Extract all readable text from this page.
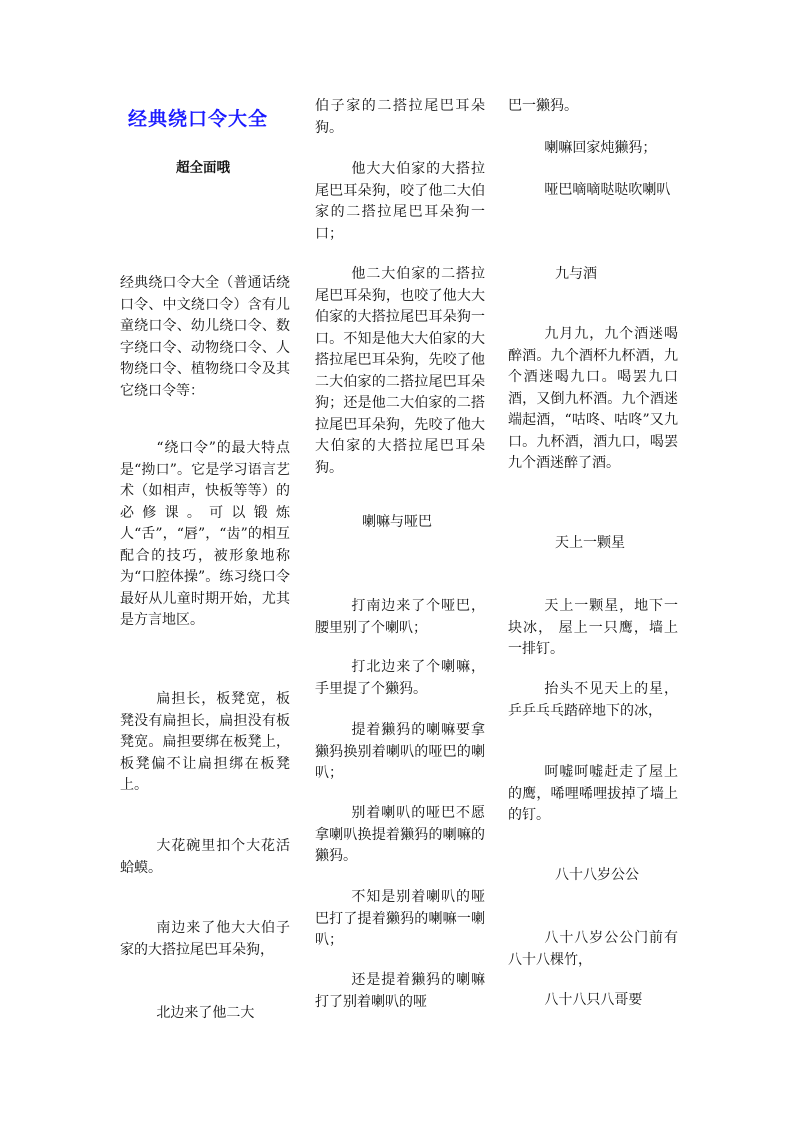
经典绕口令大全
超全面哦

经典绕口令大全（普通话绕口令、中文绕口令）含有儿童绕口令、幼儿绕口令、数字绕口令、动物绕口令、人物绕口令、植物绕口令及其它绕口令等：

“绕口令”的最大特点是“拗口”。它是学习语言艺术（如相声，快板等等）的必修课。可以锻炼人“舌”，“唇”，“齿”的相互配合的技巧，被形象地称为“口腔体操”。练习绕口令最好从儿童时期开始，尤其是方言地区。

扁担长，板凳宽，板凳没有扁担长，扁担没有板凳宽。扁担要绑在板凳上，板凳偏不让扁担绑在板凳上。

大花碗里扣个大花活蛤蟆。

南边来了他大大伯子家的大搭拉尾巴耳朵狗，

北边来了他二大

伯子家的二搭拉尾巴耳朵狗。

他大大伯家的大搭拉尾巴耳朵狗，咬了他二大伯家的二搭拉尾巴耳朵狗一口；

他二大伯家的二搭拉尾巴耳朵狗，也咬了他大大伯家的大搭拉尾巴耳朵狗一口。不知是他大大伯家的大搭拉尾巴耳朵狗，先咬了他二大伯家的二搭拉尾巴耳朵狗；还是他二大伯家的二搭拉尾巴耳朵狗，先咬了他大大伯家的大搭拉尾巴耳朵狗。

喇嘛与哑巴

打南边来了个哑巴，腰里别了个喇叭；

打北边来了个喇嘛，手里提了个獭犸。

提着獭犸的喇嘛要拿獭犸换别着喇叭的哑巴的喇叭；

别着喇叭的哑巴不愿拿喇叭换提着獭犸的喇嘛的獭犸。

不知是别着喇叭的哑巴打了提着獭犸的喇嘛一喇叭；

还是提着獭犸的喇嘛打了别着喇叭的哑

巴一獭犸。

喇嘛回家炖獭犸；

哑巴嘀嘀哒哒吹喇叭

九与酒

九月九，九个酒迷喝醉酒。九个酒杯九杯酒，九个酒迷喝九口。喝罢九口酒，又倒九杯酒。九个酒迷端起酒，“咕咚、咕咚”又九口。九杯酒，酒九口，喝罢九个酒迷醉了酒。

天上一颗星

天上一颗星，地下一块冰， 屋上一只鹰，墙上一排钉。

抬头不见天上的星，乒乒乓乓踏碎地下的冰，

呵嘘呵嘘赶走了屋上的鹰，唏哩唏哩拔掉了墙上的钉。

八十八岁公公

八十八岁公公门前有八十八棵竹，

八十八只八哥要
